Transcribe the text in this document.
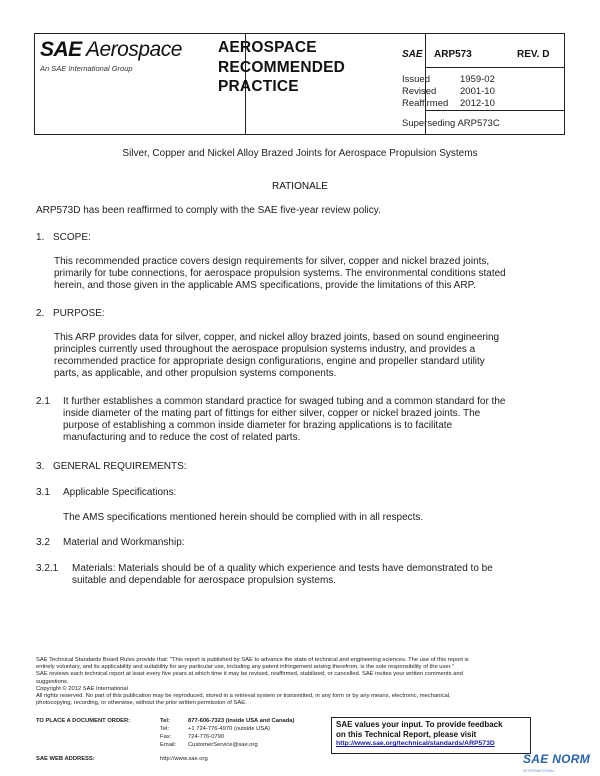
SAE Aerospace
An SAE International Group
AEROSPACE
RECOMMENDED
PRACTICE
SAE ARP573	REV. D
Issued	1959-02
Revised 2001-10
Reaffirmed 2012-10
Superseding ARP573C
Silver, Copper and Nickel Alloy Brazed Joints for Aerospace Propulsion Systems
RATIONALE
ARP573D has been reaffirmed to comply with the SAE five-year review policy.
1. SCOPE:
This recommended practice covers design requirements for silver, copper and nickel brazed joints,
primarily for tube connections, for aerospace propulsion systems. The environmental conditions stated
herein, and those given in the applicable AMS specifications, provide the limitations of this ARP.
2. PURPOSE:
This ARP provides data for silver, copper, and nickel alloy brazed joints, based on sound engineering
principles currently used throughout the aerospace propulsion systems industry, and provides a
recommended practice for appropriate design configurations, engine and propeller standard utility
parts, as applicable, and other propulsion systems components.
2.1 It further establishes a common standard practice for swaged tubing and a common standard for the
inside diameter of the mating part of fittings for either silver, copper or nickel brazed joints. The
purpose of establishing a common inside diameter for brazing applications is to facilitate
manufacturing and to reduce the cost of related parts.
3. GENERAL REQUIREMENTS:
3.1 Applicable Specifications:
The AMS specifications mentioned herein should be complied with in all respects.
3.2 Material and Workmanship:
3.2.1 Materials: Materials should be of a quality which experience and tests have demonstrated to be
suitable and dependable for aerospace propulsion systems.
SAE Technical Standards Board Rules provide that: "This report is published by SAE to advance the state of technical and engineering sciences. The use of this report is
entirely voluntary, and its applicability and suitability for any particular use, including any patent infringement arising therefrom, is the sole responsibility of the user."
SAE reviews each technical report at least every five years at which time it may be revised, reaffirmed, stabilized, or cancelled. SAE invites your written comments and
suggestions.
Copyright © 2012 SAE International
All rights reserved. No part of this publication may be reproduced, stored in a retrieval system or transmitted, in any form or by any means, electronic, mechanical,
photocopying, recording, or otherwise, without the prior written permission of SAE.
TO PLACE A DOCUMENT ORDER:	Tel:	877-606-7323 (inside USA and Canada)
Tel:	+1 724-776-4970 (outside USA)
Fax:	724-776-0790
Email: CustomerService@sae.org
SAE WEB ADDRESS:	http://www.sae.org
SAE values your input. To provide feedback
on this Technical Report, please visit
http://www.sae.org/technical/standards/ARP573D
SAE NORM
INTERNATIONAL
